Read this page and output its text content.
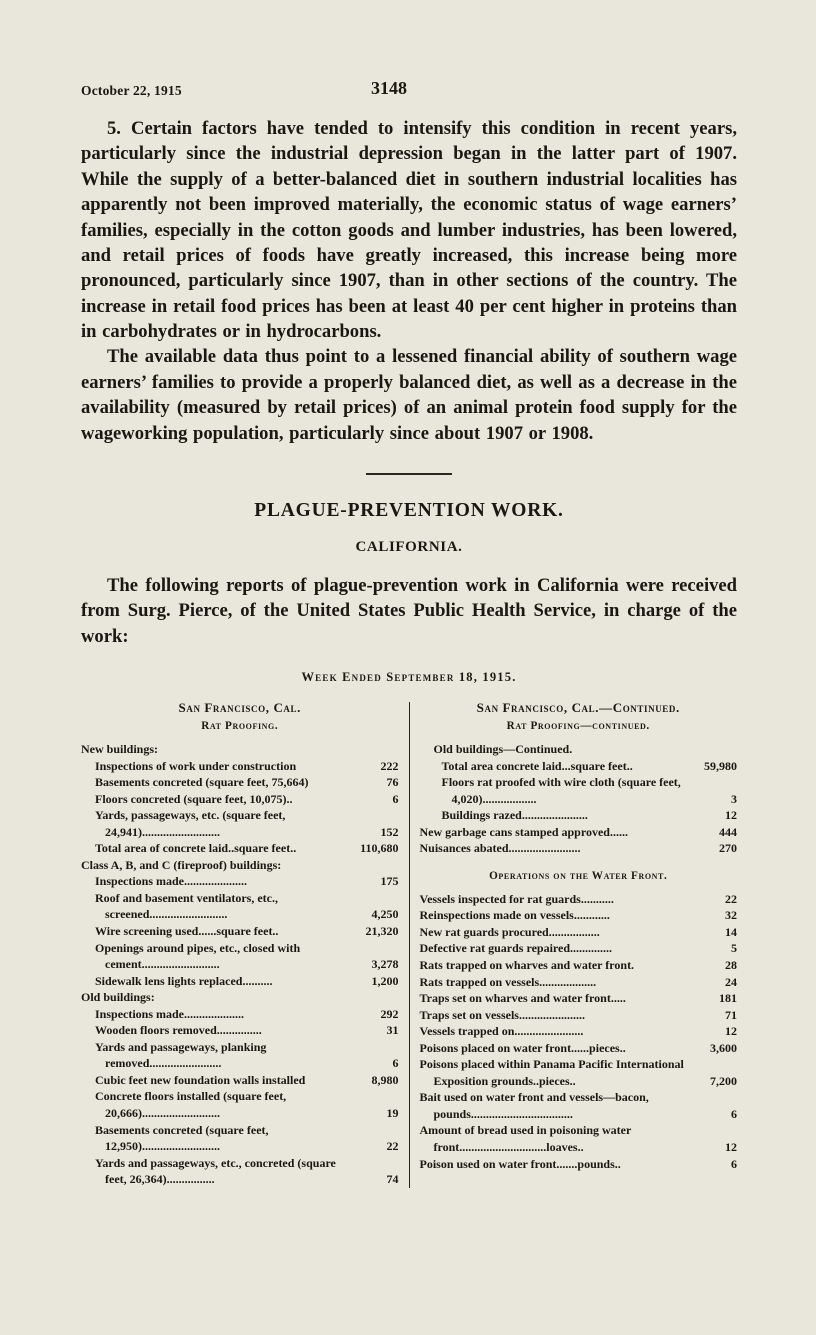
October 22, 1915	3148

5. Certain factors have tended to intensify this condition in recent years, particularly since the industrial depression began in the latter part of 1907. While the supply of a better-balanced diet in southern industrial localities has apparently not been improved materially, the economic status of wage earners’ families, especially in the cotton goods and lumber industries, has been lowered, and retail prices of foods have greatly increased, this increase being more pronounced, particularly since 1907, than in other sections of the country. The increase in retail food prices has been at least 40 per cent higher in proteins than in carbohydrates or in hydrocarbons.

The available data thus point to a lessened financial ability of southern wage earners’ families to provide a properly balanced diet, as well as a decrease in the availability (measured by retail prices) of an animal protein food supply for the wageworking population, particularly since about 1907 or 1908.

PLAGUE-PREVENTION WORK.
CALIFORNIA.

The following reports of plague-prevention work in California were received from Surg. Pierce, of the United States Public Health Service, in charge of the work:

Week Ended September 18, 1915.
San Francisco, Cal.
Rat Proofing.
New buildings:
Inspections of work under construction	222
Basements concreted (square feet, 75,664)	76
Floors concreted (square feet, 10,075)..	6
Yards, passageways, etc. (square feet, 24,941)..........................	152
Total area of concrete laid..square feet..	110,680
Class A, B, and C (fireproof) buildings:
Inspections made.....................	175
Roof and basement ventilators, etc., screened..........................	4,250
Wire screening used......square feet..	21,320
Openings around pipes, etc., closed with cement..........................	3,278
Sidewalk lens lights replaced..........	1,200
Old buildings:
Inspections made....................	292
Wooden floors removed...............	31
Yards and passageways, planking removed........................	6
Cubic feet new foundation walls installed	8,980
Concrete floors installed (square feet, 20,666)..........................	19
Basements concreted (square feet, 12,950)..........................	22
Yards and passageways, etc., concreted (square feet, 26,364)................	74
San Francisco, Cal.—Continued.
Rat Proofing—continued.
Old buildings—Continued.
Total area concrete laid...square feet..	59,980
Floors rat proofed with wire cloth (square feet, 4,020)..................	3
Buildings razed......................	12
New garbage cans stamped approved......	444
Nuisances abated........................	270
Operations on the Water Front.
Vessels inspected for rat guards...........	22
Reinspections made on vessels............	32
New rat guards procured.................	14
Defective rat guards repaired..............	5
Rats trapped on wharves and water front.	28
Rats trapped on vessels...................	24
Traps set on wharves and water front.....	181
Traps set on vessels......................	71
Vessels trapped on.......................	12
Poisons placed on water front......pieces..	3,600
Poisons placed within Panama Pacific International Exposition grounds..pieces..	7,200
Bait used on water front and vessels—bacon, pounds..................................	6
Amount of bread used in poisoning water front.............................loaves..	12
Poison used on water front.......pounds..	6
